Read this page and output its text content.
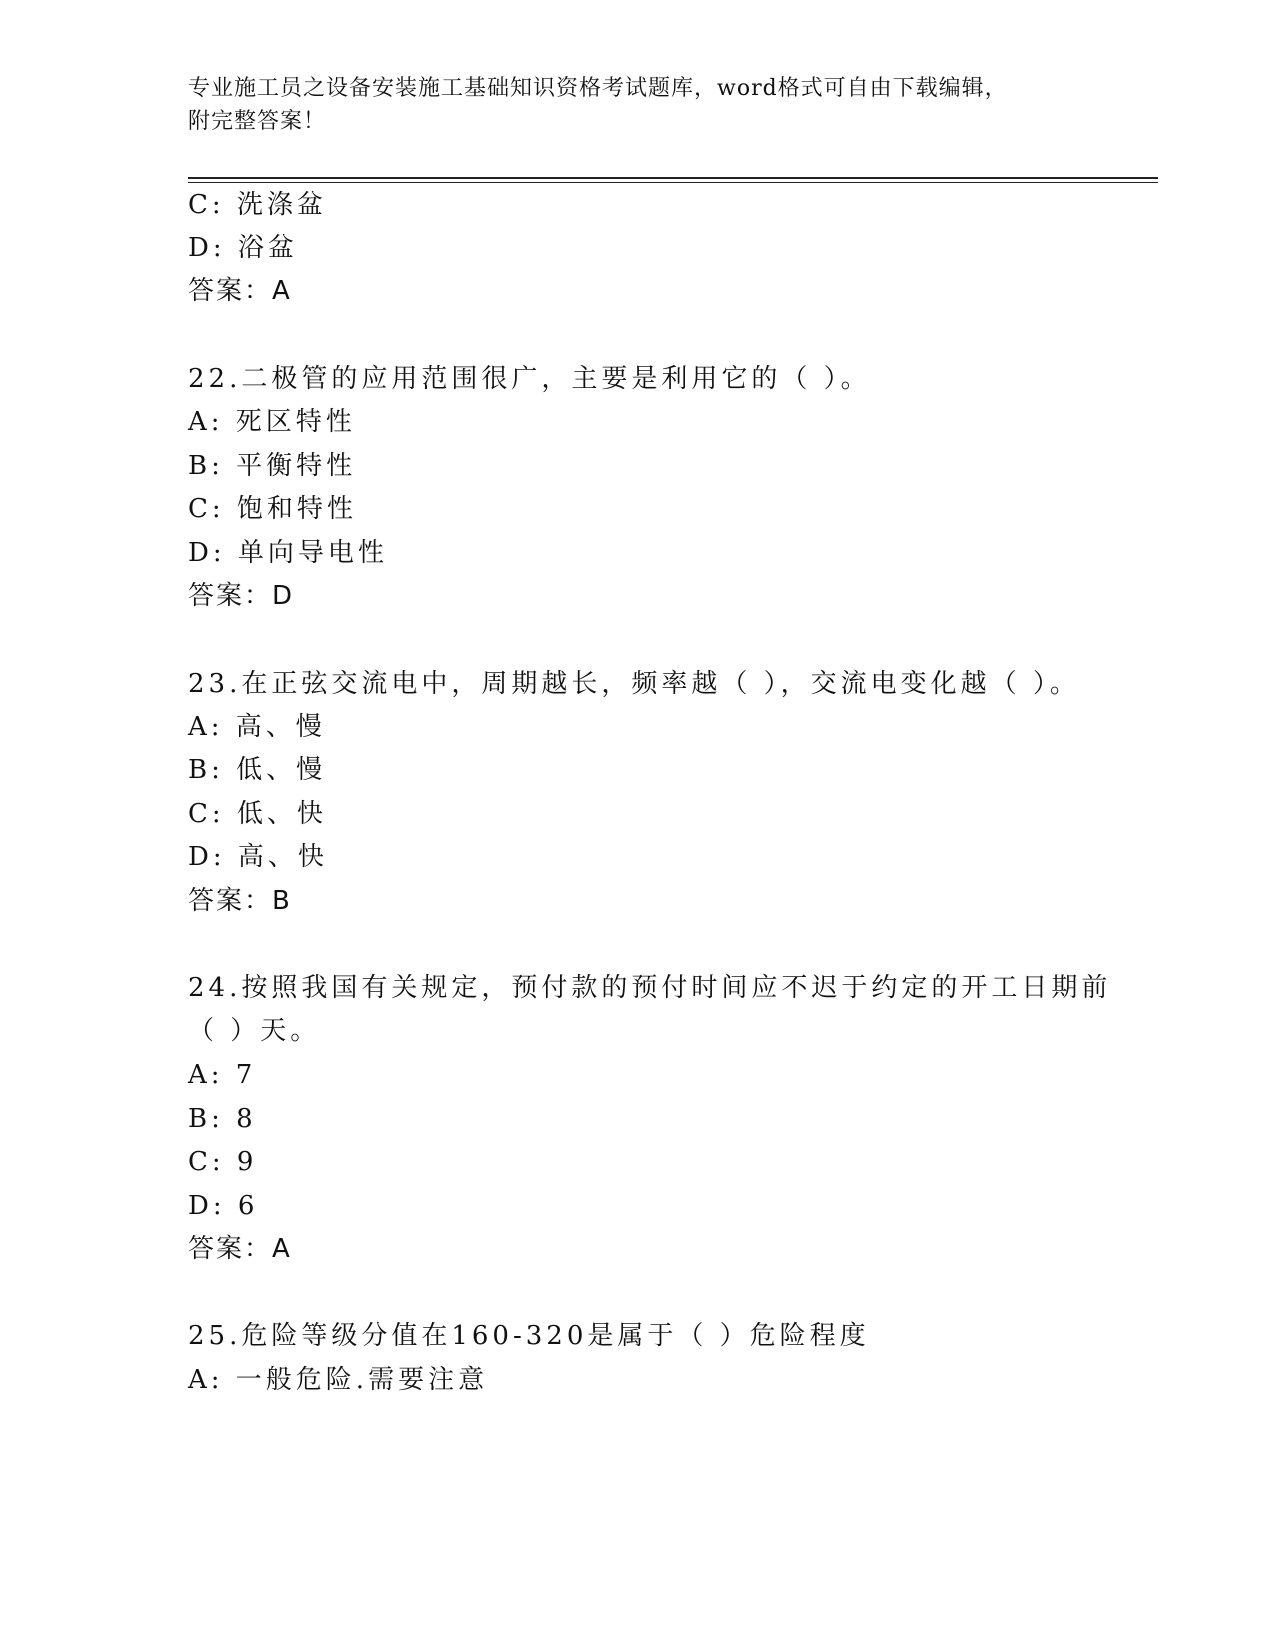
专业施工员之设备安装施工基础知识资格考试题库，word格式可自由下载编辑，
附完整答案！
C: 洗涤盆
D: 浴盆
答案：A
22.二极管的应用范围很广，主要是利用它的（ ）。
A: 死区特性
B: 平衡特性
C: 饱和特性
D: 单向导电性
答案：D
23.在正弦交流电中，周期越长，频率越（ ），交流电变化越（ ）。
A: 高、慢
B: 低、慢
C: 低、快
D: 高、快
答案：B
24.按照我国有关规定，预付款的预付时间应不迟于约定的开工日期前
（ ）天。
A: 7
B: 8
C: 9
D: 6
答案：A
25.危险等级分值在160-320是属于（ ）危险程度
A: 一般危险.需要注意
